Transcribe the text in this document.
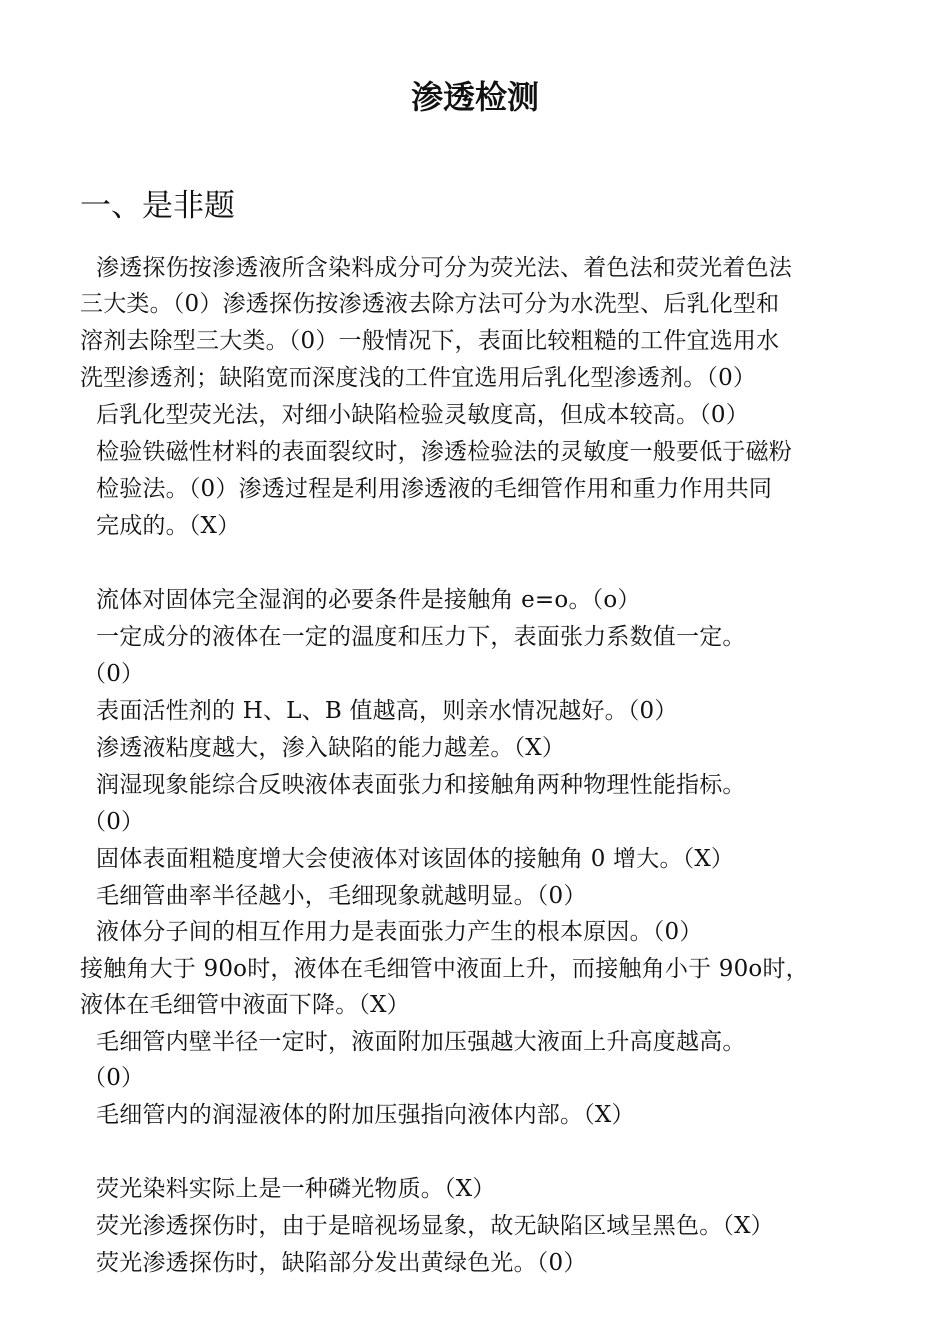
渗透检测
一、是非题
渗透探伤按渗透液所含染料成分可分为荧光法、着色法和荧光着色法
三大类。（0）渗透探伤按渗透液去除方法可分为水洗型、后乳化型和
溶剂去除型三大类。（0）一般情况下，表面比较粗糙的工件宜选用水
洗型渗透剂；缺陷宽而深度浅的工件宜选用后乳化型渗透剂。（0）
后乳化型荧光法，对细小缺陷检验灵敏度高，但成本较高。（0）
检验铁磁性材料的表面裂纹时，渗透检验法的灵敏度一般要低于磁粉
检验法。（0）渗透过程是利用渗透液的毛细管作用和重力作用共同
完成的。（X）
流体对固体完全湿润的必要条件是接触角 e=o。（o）
一定成分的液体在一定的温度和压力下，表面张力系数值一定。
（0）
表面活性剂的 H、L、B 值越高，则亲水情况越好。（0）
渗透液粘度越大，渗入缺陷的能力越差。（X）
润湿现象能综合反映液体表面张力和接触角两种物理性能指标。
（0）
固体表面粗糙度增大会使液体对该固体的接触角 0 增大。（X）
毛细管曲率半径越小，毛细现象就越明显。（0）
液体分子间的相互作用力是表面张力产生的根本原因。（0）
接触角大于 90o时，液体在毛细管中液面上升，而接触角小于 90o时，
液体在毛细管中液面下降。（X）
毛细管内壁半径一定时，液面附加压强越大液面上升高度越高。
（0）
毛细管内的润湿液体的附加压强指向液体内部。（X）
荧光染料实际上是一种磷光物质。（X）
荧光渗透探伤时，由于是暗视场显象，故无缺陷区域呈黑色。（X）
荧光渗透探伤时，缺陷部分发出黄绿色光。（0）
